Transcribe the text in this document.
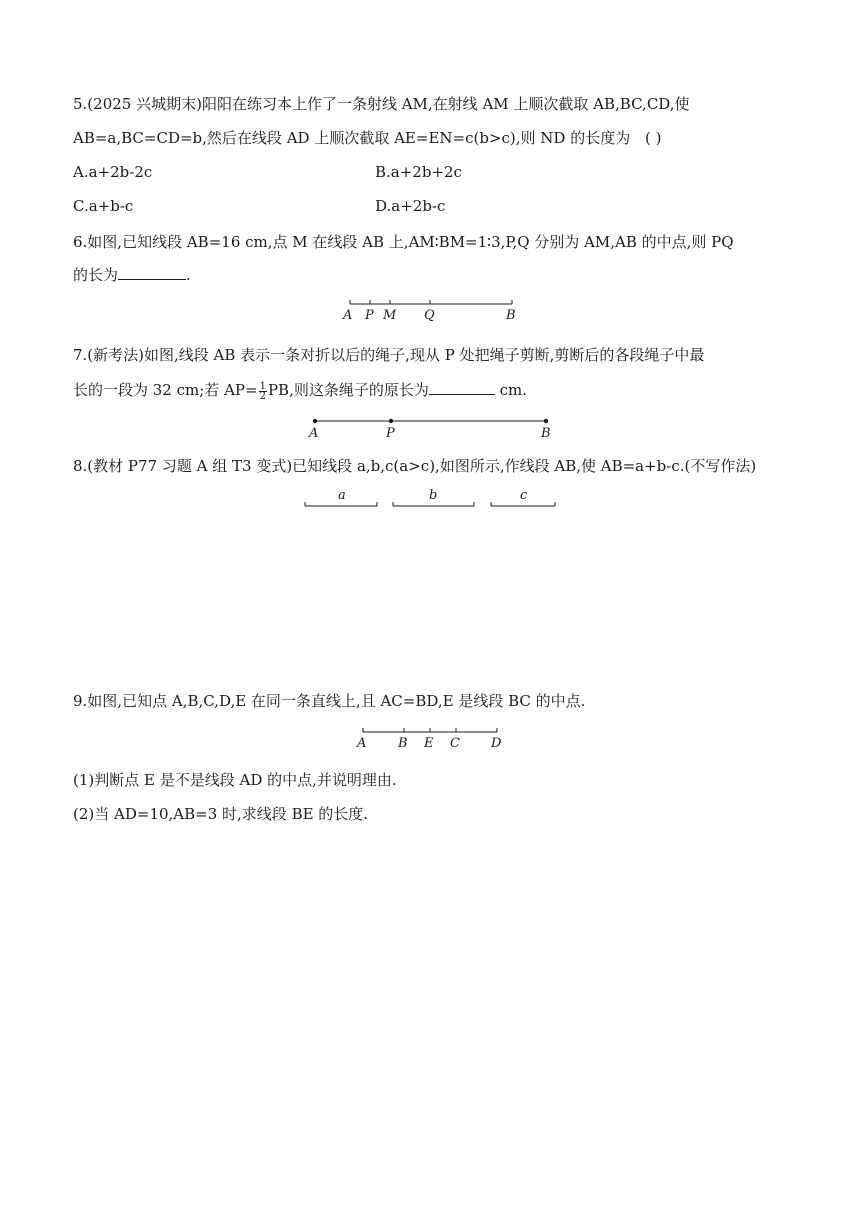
5.(2025 兴城期末)阳阳在练习本上作了一条射线 AM,在射线 AM 上顺次截取 AB,BC,CD,使
AB=a,BC=CD=b,然后在线段 AD 上顺次截取 AE=EN=c(b>c),则 ND 的长度为 ( )
A.a+2b-2c	B.a+2b+2c
C.a+b-c	D.a+2b-c
6.如图,已知线段 AB=16 cm,点 M 在线段 AB 上,AM∶BM=1∶3,P,Q 分别为 AM,AB 的中点,则 PQ
的长为	.
A P M Q	B
7.(新考法)如图,线段 AB 表示一条对折以后的绳子,现从 P 处把绳子剪断,剪断后的各段绳子中最
长的一段为 32 cm;若 $AP= \frac{1}{2}$ PB,则这条绳子的原长为	cm.
A	P	B
8.(教材 P77 习题 A 组 T3 变式)已知线段 a,b,c(a>c),如图所示,作线段 AB,使 AB=a+b-c.(不写作法)
a	b	c
9.如图,已知点 A,B,C,D,E 在同一条直线上,且 AC=BD,E 是线段 BC 的中点.
A B E C D
(1)判断点 E 是不是线段 AD 的中点,并说明理由.
(2)当 AD=10,AB=3 时,求线段 BE 的长度.
